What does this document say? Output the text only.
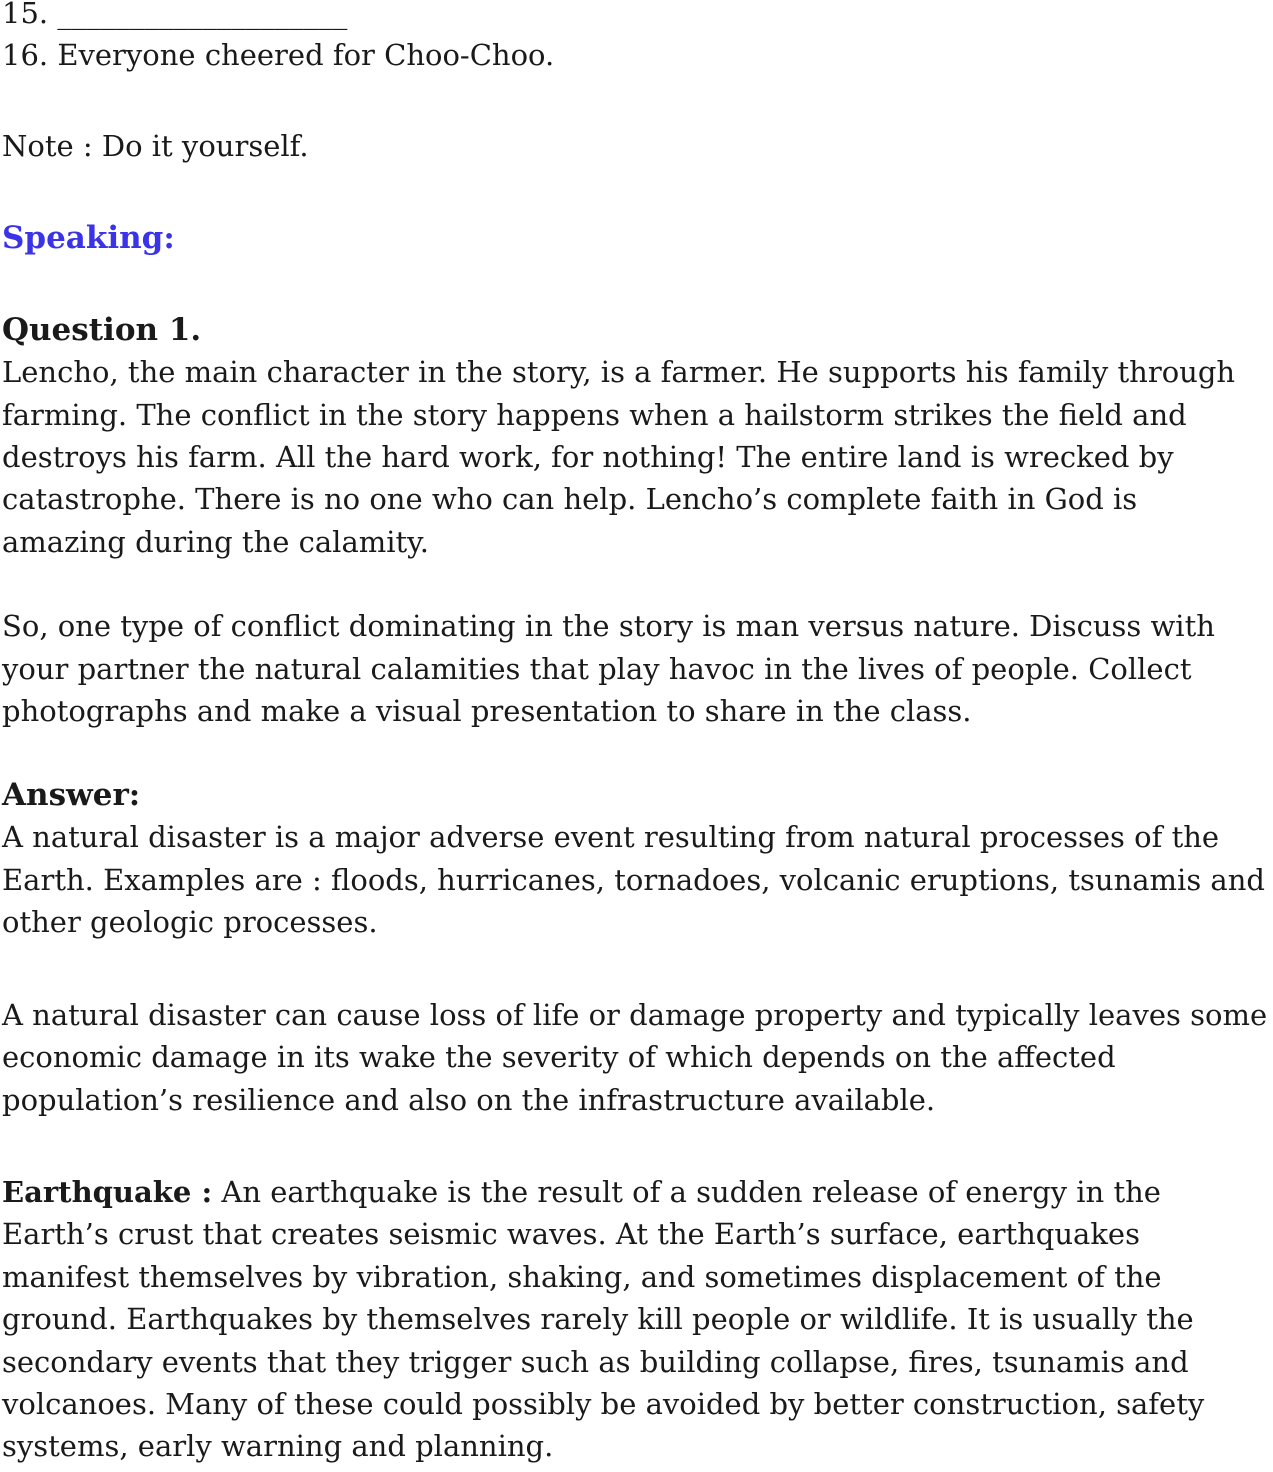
15. ____________________

16. Everyone cheered for Choo-Choo.

Note : Do it yourself.

Speaking:
Question 1.

Lencho, the main character in the story, is a farmer. He supports his family through farming. The conflict in the story happens when a hailstorm strikes the field and destroys his farm. All the hard work, for nothing! The entire land is wrecked by catastrophe. There is no one who can help. Lencho’s complete faith in God is amazing during the calamity.

So, one type of conflict dominating in the story is man versus nature. Discuss with your partner the natural calamities that play havoc in the lives of people. Collect photographs and make a visual presentation to share in the class.

Answer:

A natural disaster is a major adverse event resulting from natural processes of the Earth. Examples are : floods, hurricanes, tornadoes, volcanic eruptions, tsunamis and other geologic processes.

A natural disaster can cause loss of life or damage property and typically leaves some economic damage in its wake the severity of which depends on the affected population’s resilience and also on the infrastructure available.

Earthquake : An earthquake is the result of a sudden release of energy in the Earth’s crust that creates seismic waves. At the Earth’s surface, earthquakes manifest themselves by vibration, shaking, and sometimes displacement of the ground. Earthquakes by themselves rarely kill people or wildlife. It is usually the secondary events that they trigger such as building collapse, fires, tsunamis and volcanoes. Many of these could possibly be avoided by better construction, safety systems, early warning and planning.
